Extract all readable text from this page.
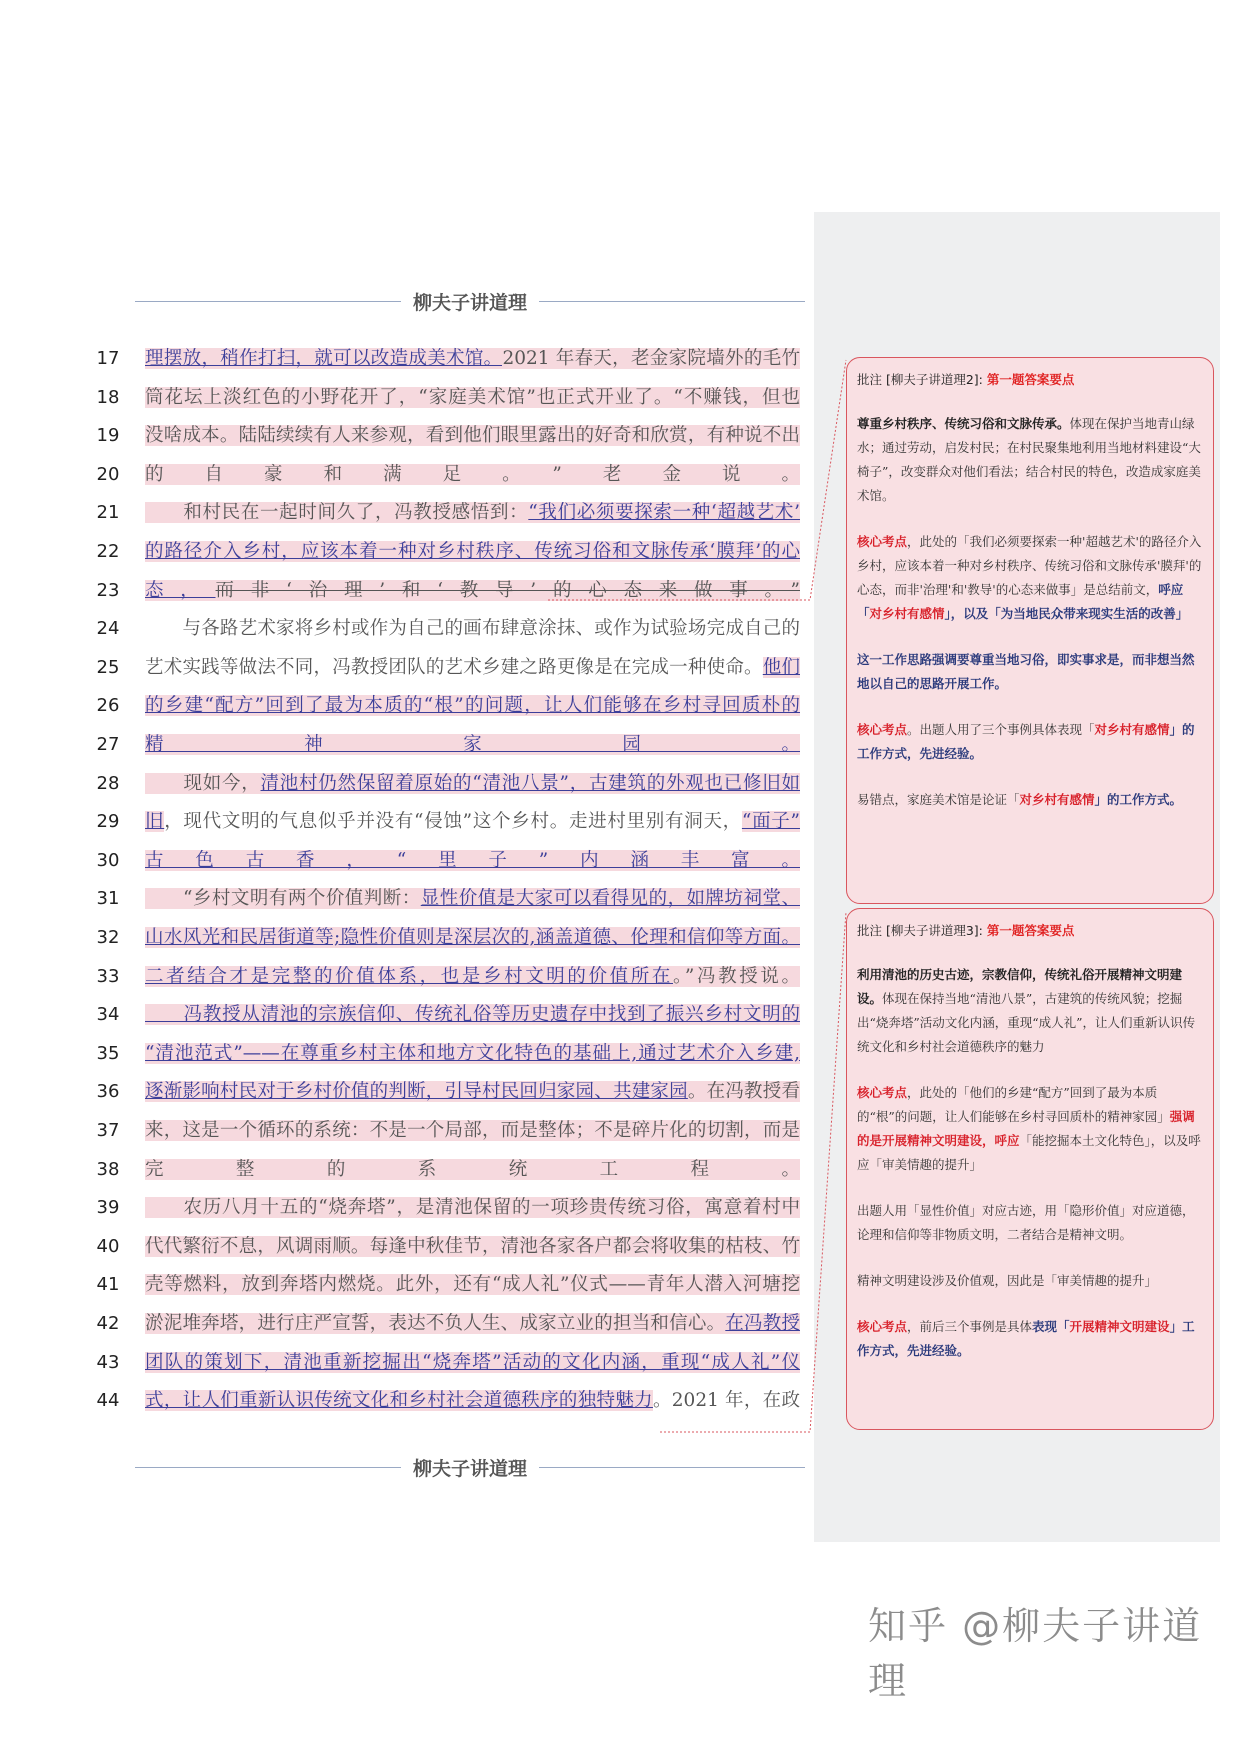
柳夫子讲道理
17	理摆放，稍作打扫，就可以改造成美术馆。2021 年春天，老金家院墙外的毛竹
18	筒花坛上淡红色的小野花开了，“家庭美术馆”也正式开业了。“不赚钱，但也
19	没啥成本。陆陆续续有人来参观，看到他们眼里露出的好奇和欣赏，有种说不出
20	的自豪和满足。”老金说。
21	　　和村民在一起时间久了，冯教授感悟到：“我们必须要探索一种‘超越艺术’
22	的路径介入乡村，应该本着一种对乡村秩序、传统习俗和文脉传承‘膜拜’的心
23	态，而非‘治理’和‘教导’的心态来做事。”
24	　　与各路艺术家将乡村或作为自己的画布肆意涂抹、或作为试验场完成自己的
25	艺术实践等做法不同，冯教授团队的艺术乡建之路更像是在完成一种使命。他们
26	的乡建“配方”回到了最为本质的“根”的问题，让人们能够在乡村寻回质朴的
27	精神家园。
28	　　现如今，清池村仍然保留着原始的“清池八景”，古建筑的外观也已修旧如
29	旧，现代文明的气息似乎并没有“侵蚀”这个乡村。走进村里别有洞天，“面子”
30	古色古香，“里子”内涵丰富。
31	　　“乡村文明有两个价值判断：显性价值是大家可以看得见的，如牌坊祠堂、
32	山水风光和民居街道等;隐性价值则是深层次的,涵盖道德、伦理和信仰等方面。
33	二者结合才是完整的价值体系，也是乡村文明的价值所在。”冯教授说。
34	　　冯教授从清池的宗族信仰、传统礼俗等历史遗存中找到了振兴乡村文明的
35	“清池范式”——在尊重乡村主体和地方文化特色的基础上,通过艺术介入乡建,
36	逐渐影响村民对于乡村价值的判断，引导村民回归家园、共建家园。在冯教授看
37	来，这是一个循环的系统：不是一个局部，而是整体；不是碎片化的切割，而是
38	完整的系统工程。
39	　　农历八月十五的“烧奔塔”，是清池保留的一项珍贵传统习俗，寓意着村中
40	代代繁衍不息，风调雨顺。每逢中秋佳节，清池各家各户都会将收集的枯枝、竹
41	壳等燃料，放到奔塔内燃烧。此外，还有“成人礼”仪式——青年人潜入河塘挖
42	淤泥堆奔塔，进行庄严宣誓，表达不负人生、成家立业的担当和信心。在冯教授
43	团队的策划下，清池重新挖掘出“烧奔塔”活动的文化内涵，重现“成人礼”仪
44	式，让人们重新认识传统文化和乡村社会道德秩序的独特魅力。2021 年，在政
批注 [柳夫子讲道理2]: 第一题答案要点
尊重乡村秩序、传统习俗和文脉传承。体现在保护当地青山绿水；通过劳动，启发村民；在村民聚集地利用当地材料建设“大椅子”，改变群众对他们看法；结合村民的特色，改造成家庭美术馆。
核心考点，此处的「我们必须要探索一种'超越艺术'的路径介入乡村，应该本着一种对乡村秩序、传统习俗和文脉传承'膜拜'的心态，而非'治理'和'教导'的心态来做事」是总结前文，呼应「对乡村有感情」，以及「为当地民众带来现实生活的改善」
这一工作思路强调要尊重当地习俗，即实事求是，而非想当然地以自己的思路开展工作。
核心考点。出题人用了三个事例具体表现「对乡村有感情」的工作方式，先进经验。
易错点，家庭美术馆是论证「对乡村有感情」的工作方式。
批注 [柳夫子讲道理3]: 第一题答案要点
利用清池的历史古迹，宗教信仰，传统礼俗开展精神文明建设。体现在保持当地“清池八景”，古建筑的传统风貌；挖掘出“烧奔塔”活动文化内涵，重现“成人礼”，让人们重新认识传统文化和乡村社会道德秩序的魅力
核心考点，此处的「他们的乡建“配方”回到了最为本质的“根”的问题，让人们能够在乡村寻回质朴的精神家园」强调的是开展精神文明建设，呼应「能挖掘本土文化特色」，以及呼应「审美情趣的提升」
出题人用「显性价值」对应古迹，用「隐形价值」对应道德，论理和信仰等非物质文明，二者结合是精神文明。
精神文明建设涉及价值观，因此是「审美情趣的提升」
核心考点，前后三个事例是具体表现「开展精神文明建设」工作方式，先进经验。
柳夫子讲道理
知乎 @柳夫子讲道理
